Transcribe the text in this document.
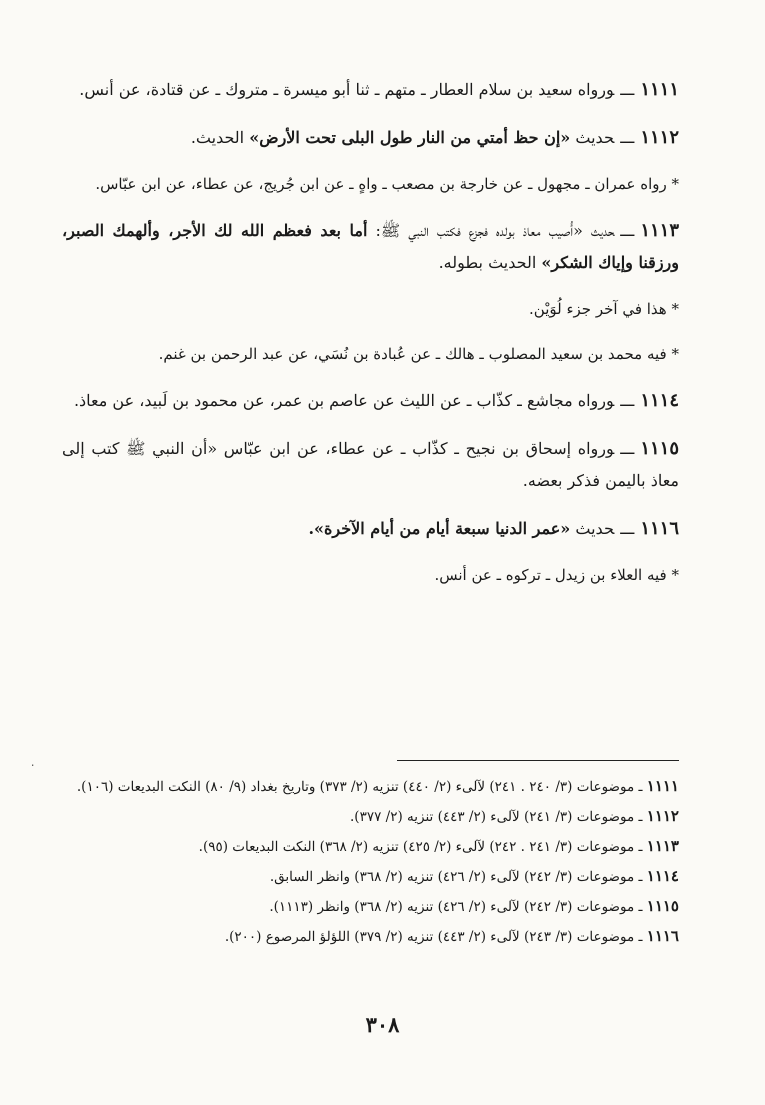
١١١١ـــورواه سعيد بن سلام العطار ـ متهم ـ ثنا أبو ميسرة ـ متروك ـ عن قتادة، عن أنس.

١١١٢ـــحديث «إن حظ أمتي من النار طول البلى تحت الأرض» الحديث.

* رواه عمران ـ مجهول ـ عن خارجة بن مصعب ـ واهٍ ـ عن ابن جُريج، عن عطاء، عن ابن عبّاس.

١١١٣ـــحديث «أُصيب معاذ بولده فجزع فكتب النبي ﷺ: أما بعد فعظم الله لك الأجر، وألهمك الصبر، ورزقنا وإياك الشكر» الحديث بطوله.

* هذا في آخر جزء لُوَيْن.

* فيه محمد بن سعيد المصلوب ـ هالك ـ عن عُبادة بن نُسَي، عن عبد الرحمن بن غنم.

١١١٤ـــورواه مجاشع ـ كذّاب ـ عن الليث عن عاصم بن عمر، عن محمود بن لَبيد، عن معاذ.

١١١٥ـــورواه إسحاق بن نجيح ـ كذّاب ـ عن عطاء، عن ابن عبّاس «أن النبي ﷺ كتب إلى معاذ باليمن فذكر بعضه.

١١١٦ـــحديث «عمر الدنيا سبعة أيام من أيام الآخرة».

* فيه العلاء بن زيدل ـ تركوه ـ عن أنس.

٠

١١١١ ـ موضوعات (٣/ ٢٤٠ . ٢٤١) لآلىء (٢/ ٤٤٠) تنزيه (٢/ ٣٧٣) وتاريخ بغداد (٩/ ٨٠) النكت البديعات (١٠٦).

١١١٢ ـ موضوعات (٣/ ٢٤١) لآلىء (٢/ ٤٤٣) تنزيه (٢/ ٣٧٧).

١١١٣ ـ موضوعات (٣/ ٢٤١ . ٢٤٢) لآلىء (٢/ ٤٢٥) تنزيه (٢/ ٣٦٨) النكت البديعات (٩٥).

١١١٤ ـ موضوعات (٣/ ٢٤٢) لآلىء (٢/ ٤٢٦) تنزيه (٢/ ٣٦٨) وانظر السابق.

١١١٥ ـ موضوعات (٣/ ٢٤٢) لآلىء (٢/ ٤٢٦) تنزيه (٢/ ٣٦٨) وانظر (١١١٣).

١١١٦ ـ موضوعات (٣/ ٢٤٣) لآلىء (٢/ ٤٤٣) تنزيه (٢/ ٣٧٩) اللؤلؤ المرصوع (٢٠٠).

٣٠٨
